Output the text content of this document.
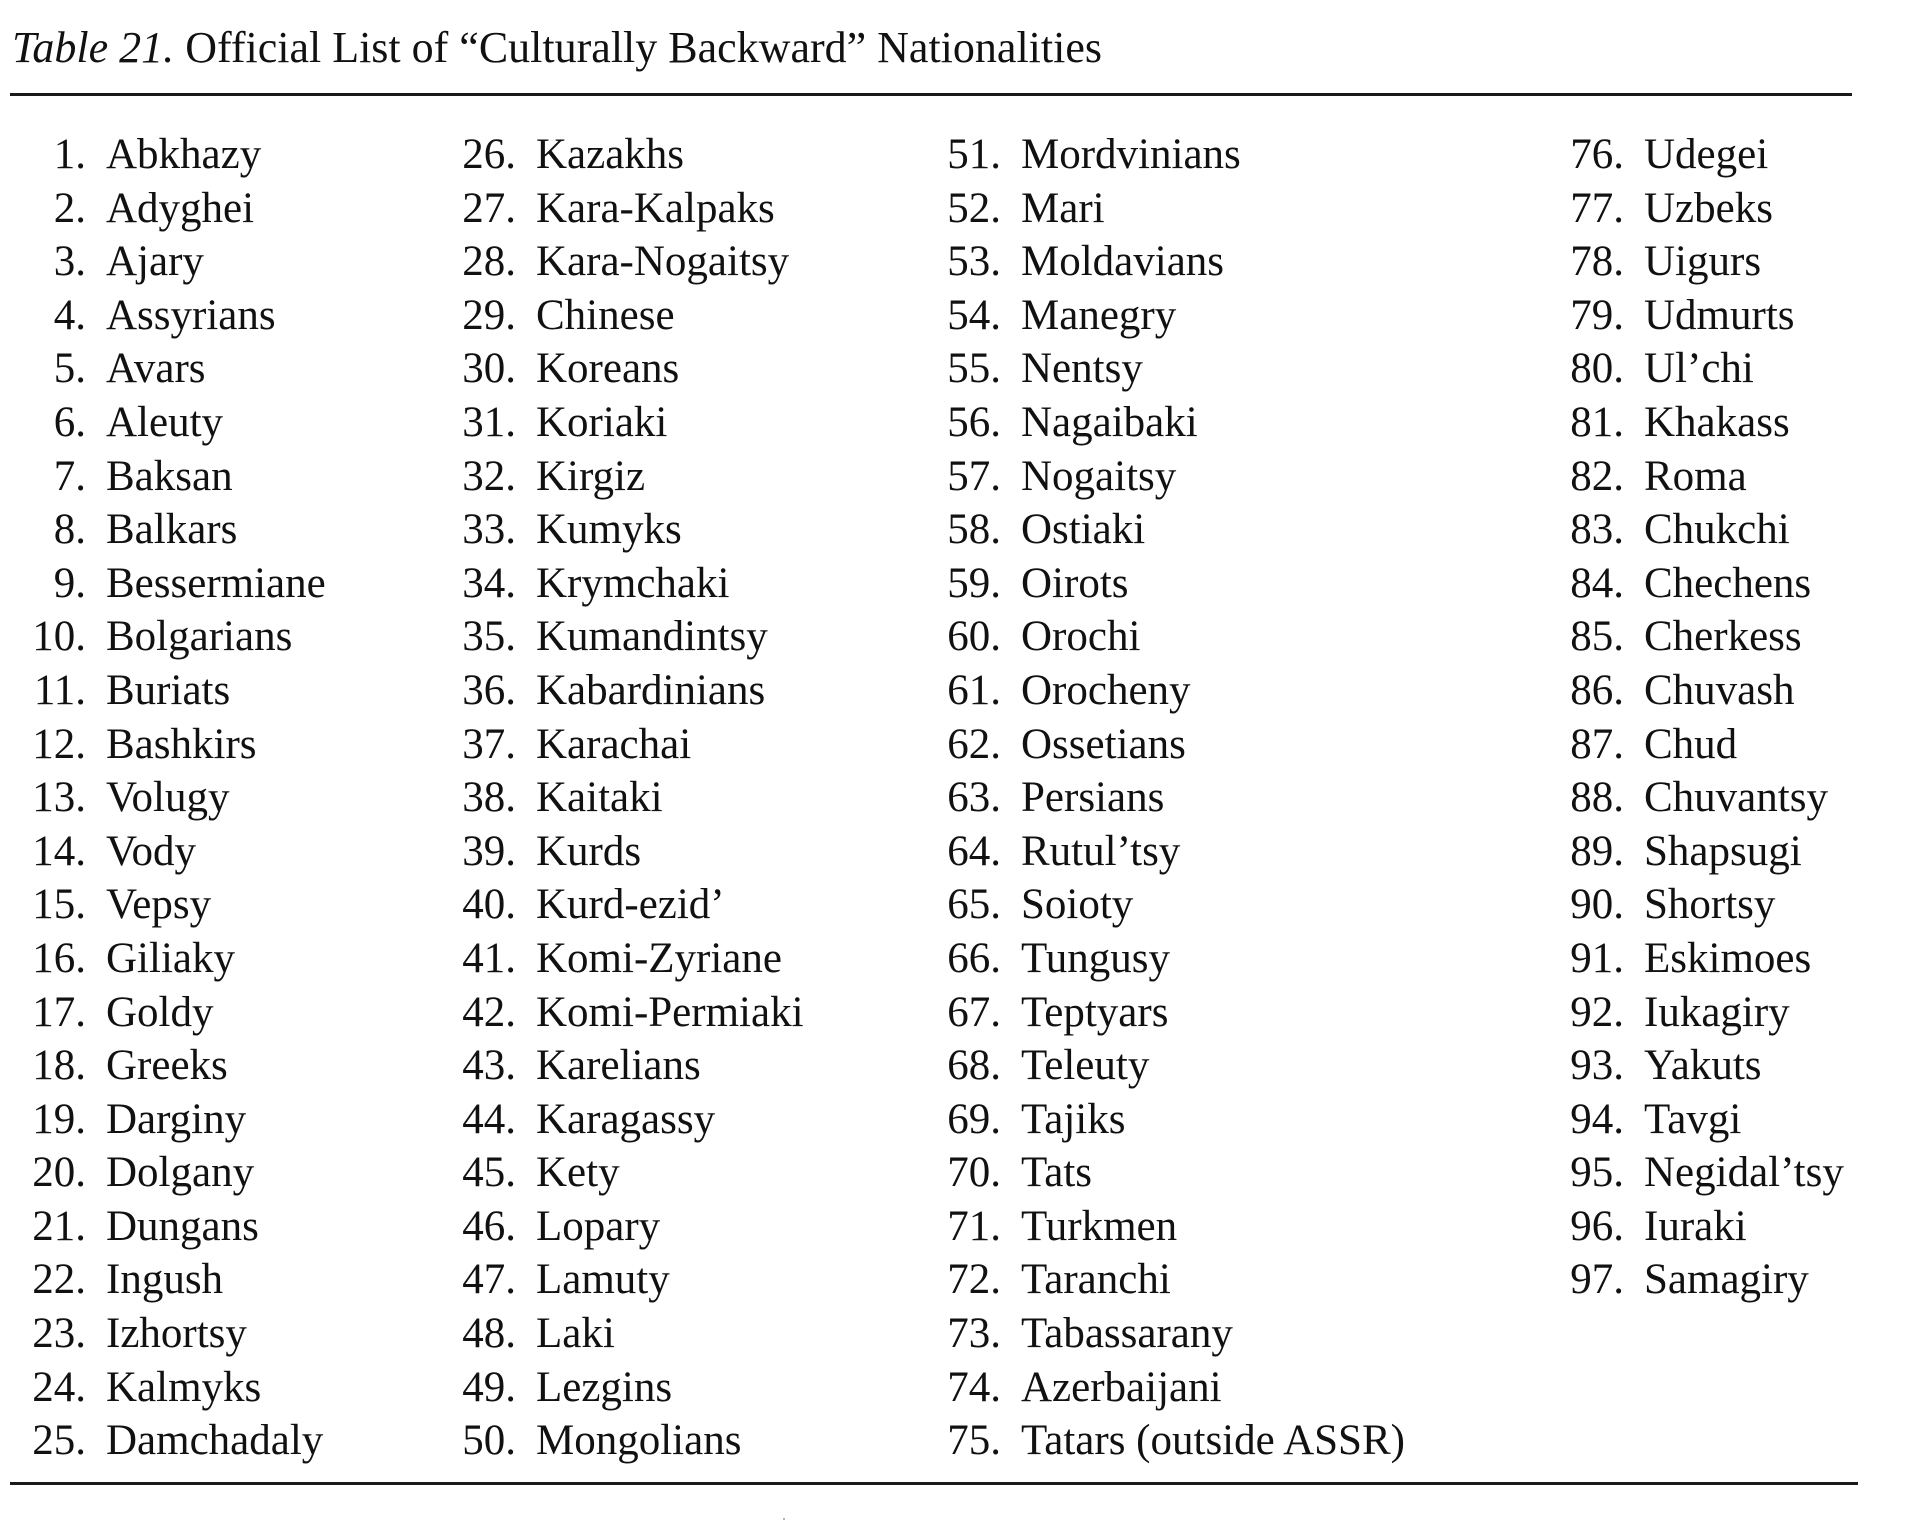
Table 21. Official List of “Culturally Backward” Nationalities
1. Abkhazy
2. Adyghei
3. Ajary
4. Assyrians
5. Avars
6. Aleuty
7. Baksan
8. Balkars
9. Bessermiane
10. Bolgarians
11. Buriats
12. Bashkirs
13. Volugy
14. Vody
15. Vepsy
16. Giliaky
17. Goldy
18. Greeks
19. Darginy
20. Dolgany
21. Dungans
22. Ingush
23. Izhortsy
24. Kalmyks
25. Damchadaly
26. Kazakhs
27. Kara-Kalpaks
28. Kara-Nogaitsy
29. Chinese
30. Koreans
31. Koriaki
32. Kirgiz
33. Kumyks
34. Krymchaki
35. Kumandintsy
36. Kabardinians
37. Karachai
38. Kaitaki
39. Kurds
40. Kurd-ezid’
41. Komi-Zyriane
42. Komi-Permiaki
43. Karelians
44. Karagassy
45. Kety
46. Lopary
47. Lamuty
48. Laki
49. Lezgins
50. Mongolians
51. Mordvinians
52. Mari
53. Moldavians
54. Manegry
55. Nentsy
56. Nagaibaki
57. Nogaitsy
58. Ostiaki
59. Oirots
60. Orochi
61. Orocheny
62. Ossetians
63. Persians
64. Rutul’tsy
65. Soioty
66. Tungusy
67. Teptyars
68. Teleuty
69. Tajiks
70. Tats
71. Turkmen
72. Taranchi
73. Tabassarany
74. Azerbaijani
75. Tatars (outside ASSR)
76. Udegei
77. Uzbeks
78. Uigurs
79. Udmurts
80. Ul’chi
81. Khakass
82. Roma
83. Chukchi
84. Chechens
85. Cherkess
86. Chuvash
87. Chud
88. Chuvantsy
89. Shapsugi
90. Shortsy
91. Eskimoes
92. Iukagiry
93. Yakuts
94. Tavgi
95. Negidal’tsy
96. Iuraki
97. Samagiry
